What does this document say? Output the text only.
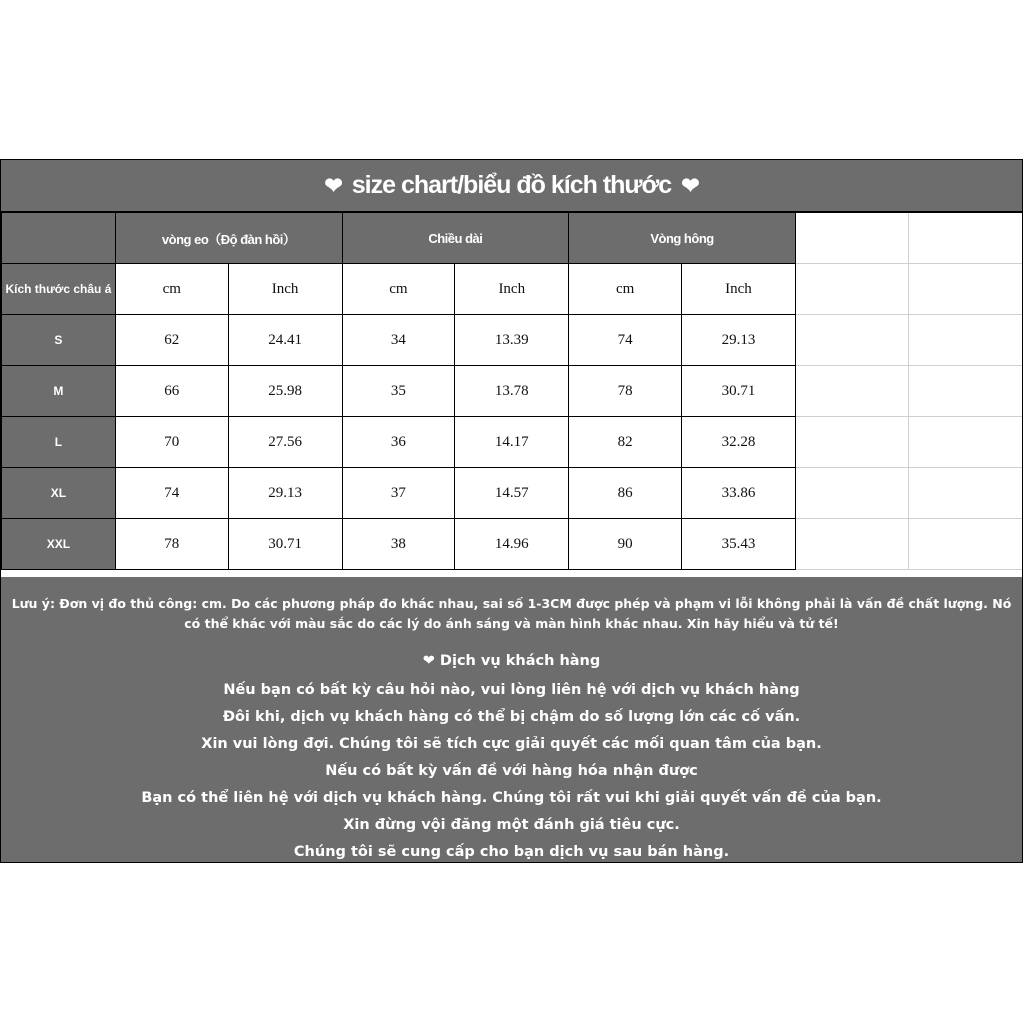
❤ size chart/biểu đồ kích thước ❤
	vòng eo（Độ đàn hồi）		Chiều dài		Vòng hông			
Kích thước châu á	cm	Inch	cm	Inch	cm	Inch		
S	62	24.41	34	13.39	74	29.13		
M	66	25.98	35	13.78	78	30.71		
L	70	27.56	36	14.17	82	32.28		
XL	74	29.13	37	14.57	86	33.86		
XXL	78	30.71	38	14.96	90	35.43		
Lưu ý: Đơn vị đo thủ công: cm. Do các phương pháp đo khác nhau, sai số 1-3CM được phép và phạm vi lỗi không phải là vấn đề chất lượng. Nó có thể khác với màu sắc do các lý do ánh sáng và màn hình khác nhau. Xin hãy hiểu và tử tế!
❤ Dịch vụ khách hàng
Nếu bạn có bất kỳ câu hỏi nào, vui lòng liên hệ với dịch vụ khách hàng
Đôi khi, dịch vụ khách hàng có thể bị chậm do số lượng lớn các cố vấn.
Xin vui lòng đợi. Chúng tôi sẽ tích cực giải quyết các mối quan tâm của bạn.
Nếu có bất kỳ vấn đề với hàng hóa nhận được
Bạn có thể liên hệ với dịch vụ khách hàng. Chúng tôi rất vui khi giải quyết vấn đề của bạn.
Xin đừng vội đăng một đánh giá tiêu cực.
Chúng tôi sẽ cung cấp cho bạn dịch vụ sau bán hàng.
